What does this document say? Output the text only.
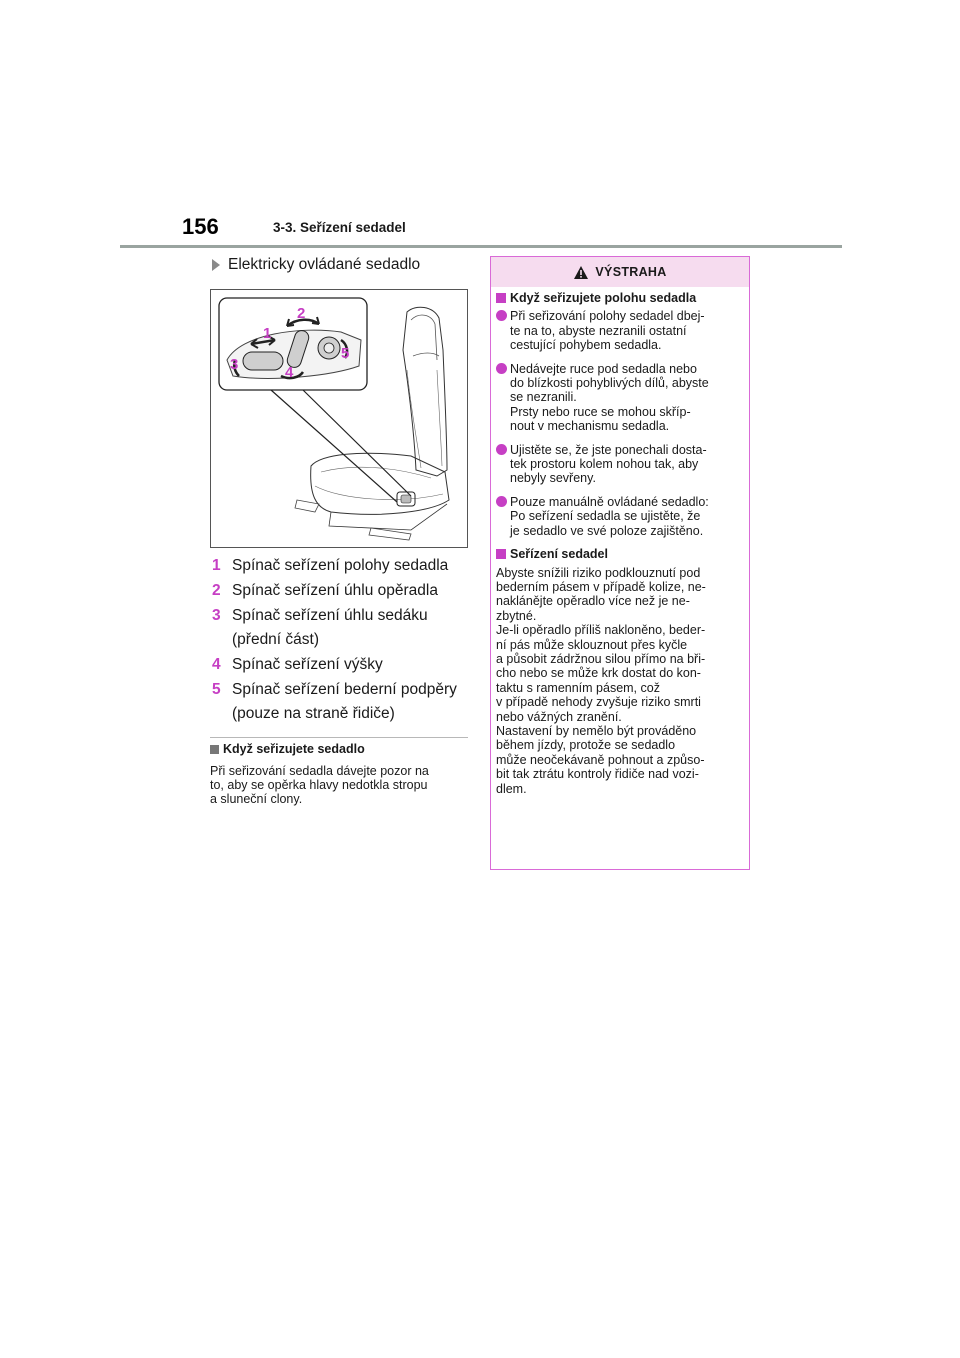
156	3-3. Seřízení sedadel
Elektricky ovládané sedadlo
1
2
3	4
5
1 Spínač seřízení polohy sedadla
2 Spínač seřízení úhlu opěradla
3 Spínač seřízení úhlu sedáku (přední část)
4 Spínač seřízení výšky
5 Spínač seřízení bederní podpěry (pouze na straně řidiče)
Když seřizujete sedadlo
Při seřizování sedadla dávejte pozor na
to, aby se opěrka hlavy nedotkla stropu
a sluneční clony.
VÝSTRAHA
Když seřizujete polohu sedadla
Při seřizování polohy sedadel dbej-
te na to, abyste nezranili ostatní
cestující pohybem sedadla.
Nedávejte ruce pod sedadla nebo
do blízkosti pohyblivých dílů, abyste
se nezranili.
Prsty nebo ruce se mohou skříp-
nout v mechanismu sedadla.
Ujistěte se, že jste ponechali dosta-
tek prostoru kolem nohou tak, aby
nebyly sevřeny.
Pouze manuálně ovládané sedadlo:
Po seřízení sedadla se ujistěte, že
je sedadlo ve své poloze zajištěno.
Seřízení sedadel
Abyste snížili riziko podklouznutí pod
bederním pásem v případě kolize, ne-
naklánějte opěradlo více než je ne-
zbytné.
Je-li opěradlo příliš nakloněno, beder-
ní pás může sklouznout přes kyčle
a působit zádržnou silou přímo na bři-
cho nebo se může krk dostat do kon-
taktu s ramenním pásem, což
v případě nehody zvyšuje riziko smrti
nebo vážných zranění.
Nastavení by nemělo být prováděno
během jízdy, protože se sedadlo
může neočekávaně pohnout a způso-
bit tak ztrátu kontroly řidiče nad vozi-
dlem.
